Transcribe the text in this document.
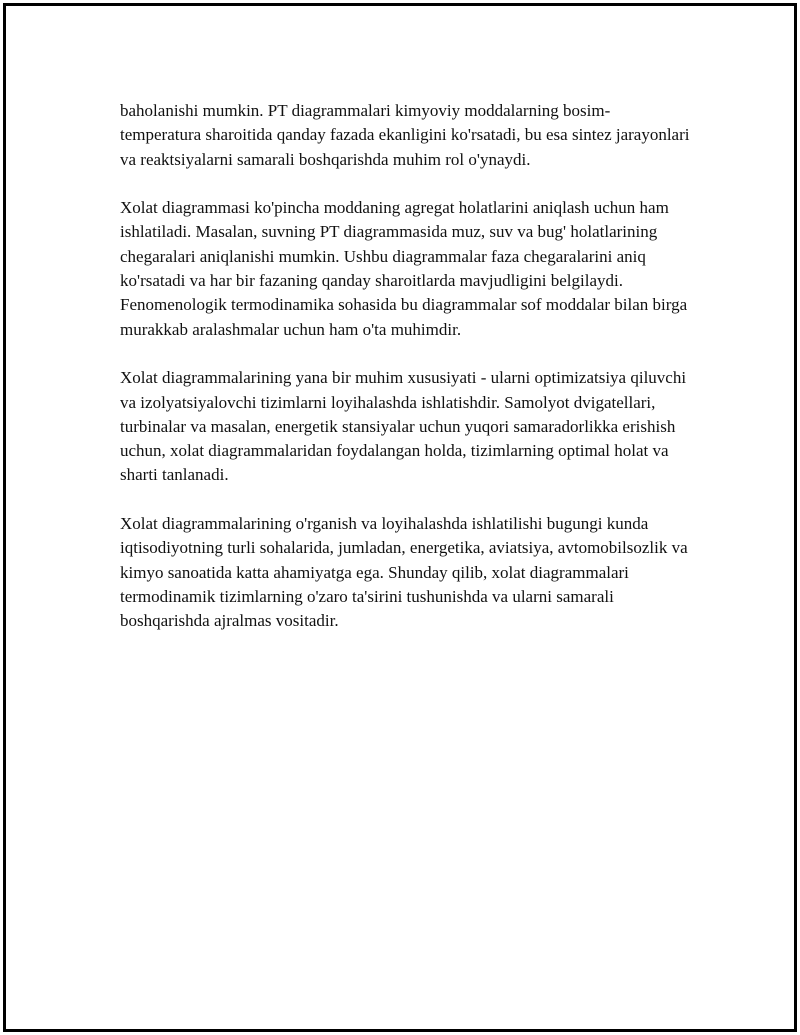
baholanishi mumkin. PT diagrammalari kimyoviy moddalarning bosim-temperatura sharoitida qanday fazada ekanligini ko'rsatadi, bu esa sintez jarayonlari va reaktsiyalarni samarali boshqarishda muhim rol o'ynaydi.

Xolat diagrammasi ko'pincha moddaning agregat holatlarini aniqlash uchun ham ishlatiladi. Masalan, suvning PT diagrammasida muz, suv va bug' holatlarining chegaralari aniqlanishi mumkin. Ushbu diagrammalar faza chegaralarini aniq ko'rsatadi va har bir fazaning qanday sharoitlarda mavjudligini belgilaydi. Fenomenologik termodinamika sohasida bu diagrammalar sof moddalar bilan birga murakkab aralashmalar uchun ham o'ta muhimdir.

Xolat diagrammalarining yana bir muhim xususiyati - ularni optimizatsiya qiluvchi va izolyatsiyalovchi tizimlarni loyihalashda ishlatishdir. Samolyot dvigatellari, turbinalar va masalan, energetik stansiyalar uchun yuqori samaradorlikka erishish uchun, xolat diagrammalaridan foydalangan holda, tizimlarning optimal holat va sharti tanlanadi.

Xolat diagrammalarining o'rganish va loyihalashda ishlatilishi bugungi kunda iqtisodiyotning turli sohalarida, jumladan, energetika, aviatsiya, avtomobilsozlik va kimyo sanoatida katta ahamiyatga ega. Shunday qilib, xolat diagrammalari termodinamik tizimlarning o'zaro ta'sirini tushunishda va ularni samarali boshqarishda ajralmas vositadir.
